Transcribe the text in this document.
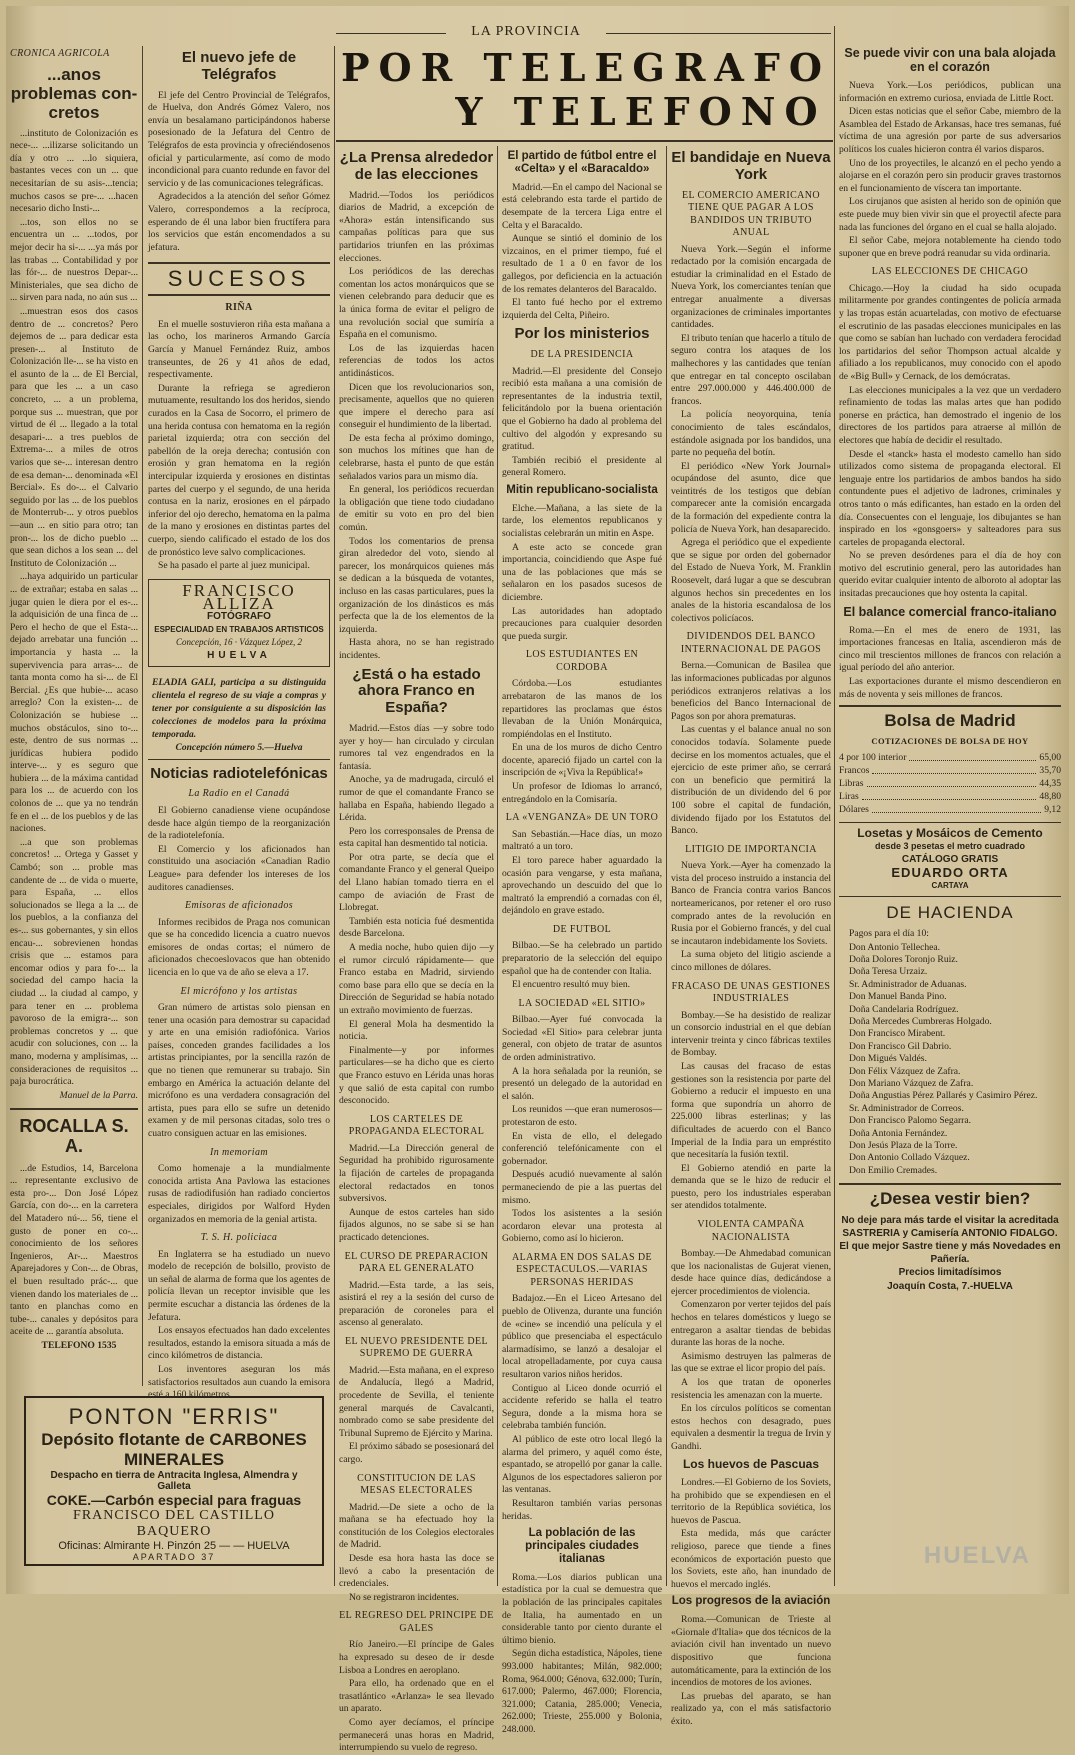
LA PROVINCIA
POR TELEGRAFO
Y TELEFONO
CRONICA AGRICOLA
...anos problemas con-cretos

...instituto de Colonización es nece-... ...ilizarse solicitando un día y otro ... ...lo siquiera, bastantes veces con un ... que necesitarían de su asis-...tencia; muchos casos se pre-... ...hacen necesario dicho Insti-...

...tos, son ellos no se encuentra un ... ...todos, por mejor decir ha si-... ...ya más por las trabas ... Contabilidad y por las fór-... de nuestros Depar-... Ministeriales, que sea dicho de ... sirven para nada, no aún sus ...

...muestran esos dos casos dentro de ... concretos? Pero dejemos de ... para dedicar esta presen-... al Instituto de Colonización lle-... se ha visto en el asunto de la ... de El Bercial, para que les ... a un caso concreto, ... a un problema, porque sus ... muestran, que por virtud de él ... llegado a la total desapari-... a tres pueblos de Extrema-... a miles de otros varios que se-... interesan dentro de esa deman-... denominada «El Bercial». Es do-... el Calvario seguido por las ... de los pueblos de Monterrub-... y otros pueblos —aun ... en sitio para otro; tan pron-... los de dicho pueblo ... que sean dichos a los sean ... del Instituto de Colonización ...

...haya adquirido un particular ... de extrañar; estaba en salas ... jugar quien le diera por el es-... la adquisición de una finca de ... Pero el hecho de que el Esta-... dejado arrebatar una función ... importancia y hasta ... la supervivencia para arras-... de tanta monta como ha si-... de El Bercial. ¿Es que hubie-... acaso arreglo? Con la existen-... de Colonización se hubiese ... muchos obstáculos, sino to-... este, dentro de sus normas ... jurídicas hubiera podido interve-... y es seguro que hubiera ... de la máxima cantidad para los ... de acuerdo con los colonos de ... que ya no tendrán fe en el ... de los pueblos y de las naciones.

...a que son problemas concretos! ... Ortega y Gasset y Cambó; son ... proble mas candente de ... de vida o muerte, para España, ... ellos solucionados se llega a la ... de los pueblos, a la confianza del es-... sus gobernantes, y sin ellos encau-... sobrevienen hondas crisis que ... estamos para encomar odios y para fo-... la sociedad del campo hacia la ciudad ... la ciudad al campo, y para tener en ... problema pavoroso de la emigra-... son problemas concretos y ... que acudir con soluciones, con ... la mano, moderna y amplísimas, ... consideraciones de requisitos ... paja burocrática.

Manuel de la Parra.

ROCALLA S. A.

...de Estudios, 14, Barcelona ... representante exclusivo de esta pro-... Don José López García, con do-... en la carretera del Matadero nú-... 56, tiene el gusto de poner en co-... conocimiento de los señores Ingenieros, Ar-... Maestros Aparejadores y Con-... de Obras, el buen resultado prác-... que vienen dando los materiales de ... tanto en planchas como en tube-... canales y depósitos para aceite de ... garantía absoluta.

TELEFONO 1535

El nuevo jefe de Telégrafos

El jefe del Centro Provincial de Telégrafos, de Huelva, don Andrés Gómez Valero, nos envía un besalamano participándonos haberse posesionado de la Jefatura del Centro de Telégrafos de esta provincia y ofreciéndosenos oficial y particularmente, así como de modo incondicional para cuanto redunde en favor del servicio y de las comunicaciones telegráficas.

Agradecidos a la atención del señor Gómez Valero, correspondemos a la recíproca, esperando de él una labor bien fructífera para los servicios que están encomendados a su jefatura.

SUCESOS
RIÑA

En el muelle sostuvieron riña esta mañana a las ocho, los marineros Armando García García y Manuel Fernández Ruiz, ambos transeuntes, de 26 y 41 años de edad, respectivamente.

Durante la refriega se agredieron mutuamente, resultando los dos heridos, siendo curados en la Casa de Socorro, el primero de una herida contusa con hematoma en la región parietal izquierda; otra con sección del pabellón de la oreja derecha; contusión con erosión y gran hematoma en la región intercipular izquierda y erosiones en distintas partes del cuerpo y el segundo, de una herida contusa en la nariz, erosiones en el párpado inferior del ojo derecho, hematoma en la palma de la mano y erosiones en distintas partes del cuerpo, siendo calificado el estado de los dos de pronóstico leve salvo complicaciones.

Se ha pasado el parte al juez municipal.

FRANCISCO ALLIZA
FOTÓGRAFO
ESPECIALIDAD EN TRABAJOS ARTISTICOS
Concepción, 16 · Vázquez López, 2
HUELVA
ELADIA GALI, participa a su distinguida clientela el regreso de su viaje a compras y tener por consiguiente a su disposición las colecciones de modelos para la próxima temporada.
Concepción número 5.—Huelva
Noticias radiotelefónicas
La Radio en el Canadá

El Gobierno canadiense viene ocupándose desde hace algún tiempo de la reorganización de la radiotelefonía.

El Comercio y los aficionados han constituido una asociación «Canadian Radio League» para defender los intereses de los auditores canadienses.

Emisoras de aficionados

Informes recibidos de Praga nos comunican que se ha concedido licencia a cuatro nuevos emisores de ondas cortas; el número de aficionados checoeslovacos que han obtenido licencia en lo que va de año se eleva a 17.

El micrófono y los artistas

Gran número de artistas solo piensan en tener una ocasión para demostrar su capacidad y arte en una emisión radiofónica. Varios países, conceden grandes facilidades a los artistas principiantes, por la sencilla razón de que no tienen que remunerar su trabajo. Sin embargo en América la actuación delante del micrófono es una verdadera consagración del artista, pues para ello se sufre un detenido examen y de mil personas citadas, solo tres o cuatro consiguen actuar en las emisiones.

In memoriam

Como homenaje a la mundialmente conocida artista Ana Pavlowa las estaciones rusas de radiodifusión han radiado conciertos especiales, dirigidos por Walford Hyden organizados en memoria de la genial artista.

T. S. H. policiaca

En Inglaterra se ha estudiado un nuevo modelo de recepción de bolsillo, provisto de un señal de alarma de forma que los agentes de policía llevan un receptor invisible que les permite escuchar a distancia las órdenes de la Jefatura.

Los ensayos efectuados han dado excelentes resultados, estando la emisora situada a más de cinco kilómetros de distancia.

Los inventores aseguran los más satisfactorios resultados aun cuando la emisora esté a 160 kilómetros.

PONTON "ERRIS"
Depósito flotante de CARBONES MINERALES
Despacho en tierra de Antracita Inglesa, Almendra y Galleta
COKE.—Carbón especial para fraguas
FRANCISCO DEL CASTILLO BAQUERO
Oficinas: Almirante H. Pinzón 25 — — HUELVA
APARTADO 37
¿La Prensa alrededor de las elecciones

Madrid.—Todos los periódicos diarios de Madrid, a excepción de «Ahora» están intensificando sus campañas políticas para que sus partidarios triunfen en las próximas elecciones.

Los periódicos de las derechas comentan los actos monárquicos que se vienen celebrando para deducir que es la única forma de evitar el peligro de una revolución social que sumiría a España en el comunismo.

Los de las izquierdas hacen referencias de todos los actos antidinásticos.

Dicen que los revolucionarios son, precisamente, aquellos que no quieren que impere el derecho para así conseguir el hundimiento de la libertad.

De esta fecha al próximo domingo, son muchos los mítines que han de celebrarse, hasta el punto de que están señalados varios para un mismo día.

En general, los periódicos recuerdan la obligación que tiene todo ciudadano de emitir su voto en pro del bien común.

Todos los comentarios de prensa giran alrededor del voto, siendo al parecer, los monárquicos quienes más se dedican a la búsqueda de votantes, incluso en las casas particulares, pues la organización de los dinásticos es más perfecta que la de los elementos de la izquierda.

Hasta ahora, no se han registrado incidentes.

¿Está o ha estado ahora Franco en España?

Madrid.—Estos días —y sobre todo ayer y hoy— han circulado y circulan rumores tal vez engendrados en la fantasía.

Anoche, ya de madrugada, circuló el rumor de que el comandante Franco se hallaba en España, habiendo llegado a Lérida.

Pero los corresponsales de Prensa de esta capital han desmentido tal noticia.

Por otra parte, se decía que el comandante Franco y el general Queipo del Llano habían tomado tierra en el campo de aviación de Frast de Llobregat.

También esta noticia fué desmentida desde Barcelona.

A media noche, hubo quien dijo —y el rumor circuló rápidamente— que Franco estaba en Madrid, sirviendo como base para ello que se decía en la Dirección de Seguridad se había notado un extraño movimiento de fuerzas.

El general Mola ha desmentido la noticia.

Finalmente—y por informes particulares—se ha dicho que es cierto que Franco estuvo en Lérida unas horas y que salió de esta capital con rumbo desconocido.

LOS CARTELES DE PROPAGANDA ELECTORAL

Madrid.—La Dirección general de Seguridad ha prohibido rigurosamente la fijación de carteles de propaganda electoral redactados en tonos subversivos.

Aunque de estos carteles han sido fijados algunos, no se sabe si se han practicado detenciones.

EL CURSO DE PREPARACION PARA EL GENERALATO

Madrid.—Esta tarde, a las seis, asistirá el rey a la sesión del curso de preparación de coroneles para el ascenso al generalato.

EL NUEVO PRESIDENTE DEL SUPREMO DE GUERRA

Madrid.—Esta mañana, en el expreso de Andalucía, llegó a Madrid, procedente de Sevilla, el teniente general marqués de Cavalcanti, nombrado como se sabe presidente del Tribunal Supremo de Ejército y Marina.

El próximo sábado se posesionará del cargo.

CONSTITUCION DE LAS MESAS ELECTORALES

Madrid.—De siete a ocho de la mañana se ha efectuado hoy la constitución de los Colegios electorales de Madrid.

Desde esa hora hasta las doce se llevó a cabo la presentación de credenciales.

No se registraron incidentes.

EL REGRESO DEL PRINCIPE DE GALES

Río Janeiro.—El príncipe de Gales ha expresado su deseo de ir desde Lisboa a Londres en aeroplano.

Para ello, ha ordenado que en el trasatlántico «Arlanza» le sea llevado un aparato.

Como ayer decíamos, el príncipe permanecerá unas horas en Madrid, interrumpiendo su vuelo de regreso.

El partido de fútbol entre el «Celta» y el «Baracaldo»

Madrid.—En el campo del Nacional se está celebrando esta tarde el partido de desempate de la tercera Liga entre el Celta y el Baracaldo.

Aunque se sintió el dominio de los vizcainos, en el primer tiempo, fué el resultado de 1 a 0 en favor de los gallegos, por deficiencia en la actuación de los remates delanteros del Baracaldo.

El tanto fué hecho por el extremo izquierda del Celta, Piñeiro.

Por los ministerios
DE LA PRESIDENCIA

Madrid.—El presidente del Consejo recibió esta mañana a una comisión de representantes de la industria textil, felicitándolo por la buena orientación que el Gobierno ha dado al problema del cultivo del algodón y expresando su gratitud.

También recibió el presidente al general Romero.

Mitin republicano-socialista

Elche.—Mañana, a las siete de la tarde, los elementos republicanos y socialistas celebrarán un mitin en Aspe.

A este acto se concede gran importancia, coincidiendo que Aspe fué una de las poblaciones que más se señalaron en los pasados sucesos de diciembre.

Las autoridades han adoptado precauciones para cualquier desorden que pueda surgir.

LOS ESTUDIANTES EN CORDOBA

Córdoba.—Los estudiantes arrebataron de las manos de los repartidores las proclamas que éstos llevaban de la Unión Monárquica, rompiéndolas en el Instituto.

En una de los muros de dicho Centro docente, apareció fijado un cartel con la inscripción de «¡Viva la República!»

Un profesor de Idiomas lo arrancó, entregándolo en la Comisaría.

LA «VENGANZA» DE UN TORO

San Sebastián.—Hace días, un mozo maltrató a un toro.

El toro parece haber aguardado la ocasión para vengarse, y esta mañana, aprovechando un descuido del que lo maltrató la emprendió a cornadas con él, dejándolo en grave estado.

DE FUTBOL

Bilbao.—Se ha celebrado un partido preparatorio de la selección del equipo español que ha de contender con Italia.

El encuentro resultó muy bien.

LA SOCIEDAD «EL SITIO»

Bilbao.—Ayer fué convocada la Sociedad «El Sitio» para celebrar junta general, con objeto de tratar de asuntos de orden administrativo.

A la hora señalada por la reunión, se presentó un delegado de la autoridad en el salón.

Los reunidos —que eran numerosos— protestaron de esto.

En vista de ello, el delegado conferenció telefónicamente con el gobernador.

Después acudió nuevamente al salón permaneciendo de pie a las puertas del mismo.

Todos los asistentes a la sesión acordaron elevar una protesta al Gobierno, como así lo hicieron.

ALARMA EN DOS SALAS DE ESPECTACULOS.—VARIAS PERSONAS HERIDAS

Badajoz.—En el Liceo Artesano del pueblo de Olivenza, durante una función de «cine» se incendió una película y el público que presenciaba el espectáculo alarmadísimo, se lanzó a desalojar el local atropelladamente, por cuya causa resultaron varios niños heridos.

Contiguo al Liceo donde ocurrió el accidente referido se halla el teatro Segura, donde a la misma hora se celebraba también función.

Al público de este otro local llegó la alarma del primero, y aquél como éste, espantado, se atropelló por ganar la calle. Algunos de los espectadores salieron por las ventanas.

Resultaron también varias personas heridas.

La población de las principales ciudades italianas

Roma.—Los diarios publican una estadística por la cual se demuestra que la población de las principales capitales de Italia, ha aumentado en un considerable tanto por ciento durante el último bienio.

Según dicha estadística, Nápoles, tiene 993.000 habitantes; Milán, 982.000; Roma, 964.000; Génova, 632.000; Turín, 617.000; Palermo, 467.000; Florencia, 321.000; Catania, 285.000; Venecia, 262.000; Trieste, 255.000 y Bolonia, 248.000.

El bandidaje en Nueva York
EL COMERCIO AMERICANO TIENE QUE PAGAR A LOS BANDIDOS UN TRIBUTO ANUAL

Nueva York.—Según el informe redactado por la comisión encargada de estudiar la criminalidad en el Estado de Nueva York, los comerciantes tenían que entregar anualmente a diversas organizaciones de criminales importantes cantidades.

El tributo tenían que hacerlo a título de seguro contra los ataques de los malhechores y las cantidades que tenían que entregar en tal concepto oscilaban entre 297.000.000 y 446.400.000 de francos.

La policía neoyorquina, tenía conocimiento de tales escándalos, estándole asignada por los bandidos, una parte no pequeña del botín.

El periódico «New York Journal» ocupándose del asunto, dice que veintitrés de los testigos que debían comparecer ante la comisión encargada de la formación del expediente contra la policía de Nueva York, han desaparecido.

Agrega el periódico que el expediente que se sigue por orden del gobernador del Estado de Nueva York, M. Franklin Roosevelt, dará lugar a que se descubran algunos hechos sin precedentes en los anales de la historia escandalosa de los colectivos policíacos.

DIVIDENDOS DEL BANCO INTERNACIONAL DE PAGOS

Berna.—Comunican de Basilea que las informaciones publicadas por algunos periódicos extranjeros relativas a los beneficios del Banco Internacional de Pagos son por ahora prematuras.

Las cuentas y el balance anual no son conocidos todavía. Solamente puede decirse en los momentos actuales, que el ejercicio de este primer año, se cerrará con un beneficio que permitirá la distribución de un dividendo del 6 por 100 sobre el capital de fundación, dividendo fijado por los Estatutos del Banco.

LITIGIO DE IMPORTANCIA

Nueva York.—Ayer ha comenzado la vista del proceso instruido a instancia del Banco de Francia contra varios Bancos norteamericanos, por retener el oro ruso comprado antes de la revolución en Rusia por el Gobierno francés, y del cual se incautaron indebidamente los Soviets.

La suma objeto del litigio asciende a cinco millones de dólares.

FRACASO DE UNAS GESTIONES INDUSTRIALES

Bombay.—Se ha desistido de realizar un consorcio industrial en el que debían intervenir treinta y cinco fábricas textiles de Bombay.

Las causas del fracaso de estas gestiones son la resistencia por parte del Gobierno a reducir el impuesto en una forma que supondría un ahorro de 225.000 libras esterlinas; y las dificultades de acuerdo con el Banco Imperial de la India para un empréstito que necesitaría la fusión textil.

El Gobierno atendió en parte la demanda que se le hizo de reducir el puesto, pero los industriales esperaban ser atendidos totalmente.

VIOLENTA CAMPAÑA NACIONALISTA

Bombay.—De Ahmedabad comunican que los nacionalistas de Gujerat vienen, desde hace quince días, dedicándose a ejercer procedimientos de violencia.

Comenzaron por verter tejidos del país hechos en telares domésticos y luego se entregaron a asaltar tiendas de bebidas durante las horas de la noche.

Asimismo destruyen las palmeras de las que se extrae el licor propio del país.

A los que tratan de oponerles resistencia les amenazan con la muerte.

En los círculos políticos se comentan estos hechos con desagrado, pues equivalen a desmentir la tregua de Irvin y Gandhi.

Los huevos de Pascuas

Londres.—El Gobierno de los Soviets, ha prohibido que se expendiesen en el territorio de la República soviética, los huevos de Pascua.

Esta medida, más que carácter religioso, parece que tiende a fines económicos de exportación puesto que los Soviets, este año, han inundado de huevos el mercado inglés.

Los progresos de la aviación

Roma.—Comunican de Trieste al «Giornale d'Italia» que dos técnicos de la aviación civil han inventado un nuevo dispositivo que funciona automáticamente, para la extinción de los incendios de motores de los aviones.

Las pruebas del aparato, se han realizado ya, con el más satisfactorio éxito.

Se puede vivir con una bala alojada en el corazón

Nueva York.—Los periódicos, publican una información en extremo curiosa, enviada de Little Roct.

Dicen estas noticias que el señor Cabe, miembro de la Asamblea del Estado de Arkansas, hace tres semanas, fué víctima de una agresión por parte de sus adversarios políticos los cuales hicieron contra él varios disparos.

Uno de los proyectiles, le alcanzó en el pecho yendo a alojarse en el corazón pero sin producir graves trastornos en el funcionamiento de víscera tan importante.

Los cirujanos que asisten al herido son de opinión que este puede muy bien vivir sin que el proyectil afecte para nada las funciones del órgano en el cual se halla alojado.

El señor Cabe, mejora notablemente ha ciendo todo suponer que en breve podrá reanudar su vida ordinaria.

LAS ELECCIONES DE CHICAGO

Chicago.—Hoy la ciudad ha sido ocupada militarmente por grandes contingentes de policía armada y las tropas están acuarteladas, con motivo de efectuarse el escrutinio de las pasadas elecciones municipales en las que como se sabían han luchado con verdadera ferocidad los partidarios del señor Thompson actual alcalde y afiliado a los republicanos, muy conocido con el apodo de «Big Bull» y Cernack, de los demócratas.

Las elecciones municipales a la vez que un verdadero refinamiento de todas las malas artes que han podido ponerse en práctica, han demostrado el ingenio de los directores de los partidos para atraerse al millón de electores que había de decidir el resultado.

Desde el «tanck» hasta el modesto camello han sido utilizados como sistema de propaganda electoral. El lenguaje entre los partidarios de ambos bandos ha sido contundente pues el adjetivo de ladrones, criminales y otros tanto o más edificantes, han estado en la orden del día. Consecuentes con el lenguaje, los dibujantes se han inspirado en los «gonsgoers» y salteadores para sus carteles de propaganda electoral.

No se preven desórdenes para el día de hoy con motivo del escrutinio general, pero las autoridades han querido evitar cualquier intento de alboroto al adoptar las insitadas precauciones que hoy ostenta la capital.

El balance comercial franco-italiano

Roma.—En el mes de enero de 1931, las importaciones francesas en Italia, ascendieron más de cinco mil trescientos millones de francos con relación a igual período del año anterior.

Las exportaciones durante el mismo descendieron en más de noventa y seis millones de francos.

Bolsa de Madrid
COTIZACIONES DE BOLSA DE HOY
4 por 100 interior	65,00
Francos	35,70
Libras	44,35
Liras	48,80
Dólares	9,12
Losetas y Mosáicos de Cemento
desde 3 pesetas el metro cuadrado
CATÁLOGO GRATIS
EDUARDO ORTA
CARTAYA
DE HACIENDA

Pagos para el día 10:

Don Antonio Tellechea.
Doña Dolores Toronjo Ruiz.
Doña Teresa Urzaiz.
Sr. Administrador de Aduanas.
Don Manuel Banda Pino.
Doña Candelaria Rodríguez.
Doña Mercedes Cumbreras Holgado.
Don Francisco Mirabent.
Don Francisco Gil Dabrio.
Don Migués Valdés.
Don Félix Vázquez de Zafra.
Don Mariano Vázquez de Zafra.
Doña Angustias Pérez Pallarés y Casimiro Pérez.
Sr. Administrador de Correos.
Don Francisco Palomo Segarra.
Doña Antonia Fernández.
Don Jesús Plaza de la Torre.
Don Antonio Collado Vázquez.
Don Emilio Cremades.
¿Desea vestir bien?

No deje para más tarde el visitar la acreditada SASTRERIA y Camisería ANTONIO FIDALGO. El que mejor Sastre tiene y más Novedades en Pañería.

Precios limitadísimos

Joaquín Costa, 7.-HUELVA

HUELVA
